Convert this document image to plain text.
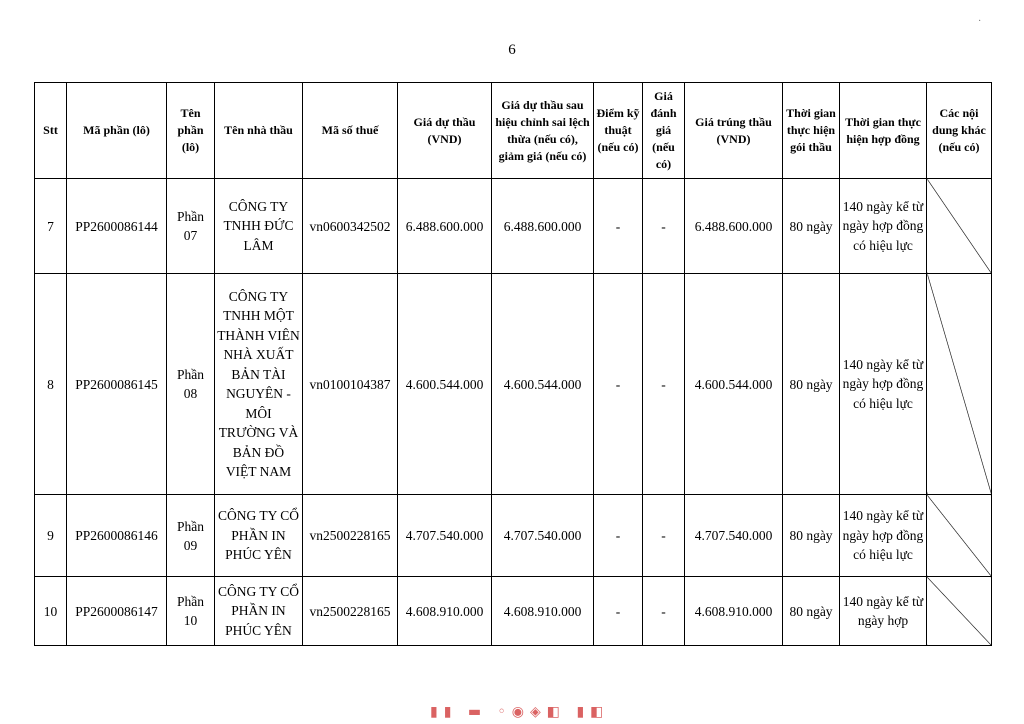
6
·
Stt	Mã phần (lô)	Tên phần (lô)	Tên nhà thầu	Mã số thuế	Giá dự thầu (VND)	Giá dự thầu sau hiệu chỉnh sai lệch thừa (nếu có), giảm giá (nếu có)	Điểm kỹ thuật (nếu có)	Giá đánh giá (nếu có)	Giá trúng thầu (VND)	Thời gian thực hiện gói thầu	Thời gian thực hiện hợp đồng	Các nội dung khác (nếu có)
7	PP2600086144	Phần 07	CÔNG TY TNHH ĐỨC LÂM	vn0600342502	6.488.600.000	6.488.600.000	-	-	6.488.600.000	80 ngày	140 ngày kể từ ngày hợp đồng có hiệu lực	
8	PP2600086145	Phần 08	CÔNG TY TNHH MỘT THÀNH VIÊN NHÀ XUẤT BẢN TÀI NGUYÊN - MÔI TRƯỜNG VÀ BẢN ĐỒ VIỆT NAM	vn0100104387	4.600.544.000	4.600.544.000	-	-	4.600.544.000	80 ngày	140 ngày kể từ ngày hợp đồng có hiệu lực	
9	PP2600086146	Phần 09	CÔNG TY CỔ PHẦN IN PHÚC YÊN	vn2500228165	4.707.540.000	4.707.540.000	-	-	4.707.540.000	80 ngày	140 ngày kể từ ngày hợp đồng có hiệu lực	
10	PP2600086147	Phần 10	CÔNG TY CỔ PHẦN IN PHÚC YÊN	vn2500228165	4.608.910.000	4.608.910.000	-	-	4.608.910.000	80 ngày	140 ngày kể từ ngày hợp	
▮▮ ▬ ◦◉◈◧ ▮◧
